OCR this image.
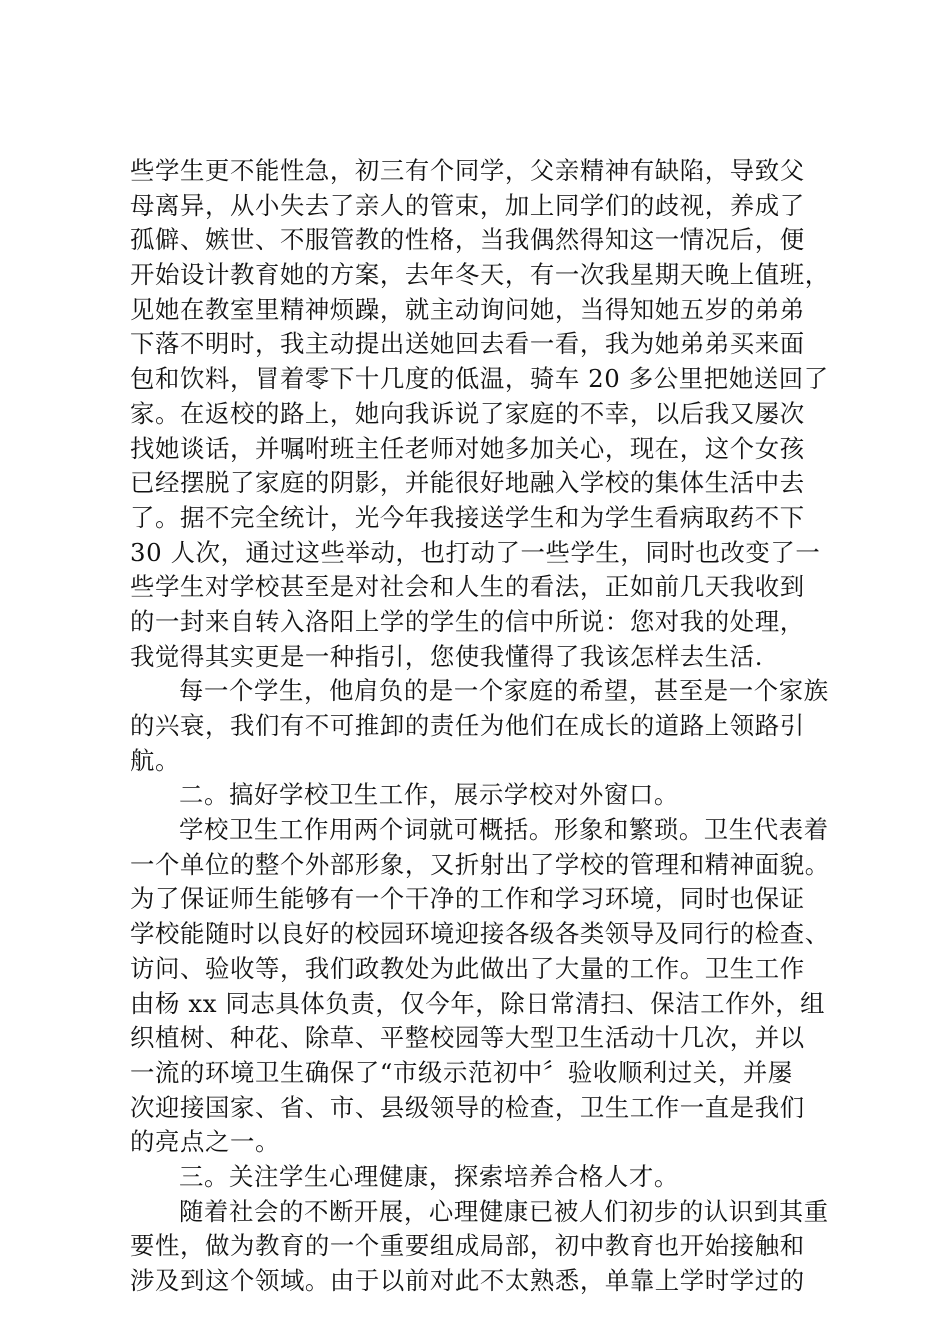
些学生更不能性急，初三有个同学，父亲精神有缺陷，导致父
母离异，从小失去了亲人的管束，加上同学们的歧视，养成了
孤僻、嫉世、不服管教的性格，当我偶然得知这一情况后，便
开始设计教育她的方案，去年冬天，有一次我星期天晚上值班，
见她在教室里精神烦躁，就主动询问她，当得知她五岁的弟弟
下落不明时，我主动提出送她回去看一看，我为她弟弟买来面
包和饮料，冒着零下十几度的低温，骑车 20 多公里把她送回了
家。在返校的路上，她向我诉说了家庭的不幸，以后我又屡次
找她谈话，并嘱咐班主任老师对她多加关心，现在，这个女孩
已经摆脱了家庭的阴影，并能很好地融入学校的集体生活中去
了。据不完全统计，光今年我接送学生和为学生看病取药不下
30 人次，通过这些举动，也打动了一些学生，同时也改变了一
些学生对学校甚至是对社会和人生的看法，正如前几天我收到
的一封来自转入洛阳上学的学生的信中所说：您对我的处理，
我觉得其实更是一种指引，您使我懂得了我该怎样去生活.
每一个学生，他肩负的是一个家庭的希望，甚至是一个家族
的兴衰，我们有不可推卸的责任为他们在成长的道路上领路引
航。
二。搞好学校卫生工作，展示学校对外窗口。
学校卫生工作用两个词就可概括。形象和繁琐。卫生代表着
一个单位的整个外部形象，又折射出了学校的管理和精神面貌。
为了保证师生能够有一个干净的工作和学习环境，同时也保证
学校能随时以良好的校园环境迎接各级各类领导及同行的检查、
访问、验收等，我们政教处为此做出了大量的工作。卫生工作
由杨 xx 同志具体负责，仅今年，除日常清扫、保洁工作外，组
织植树、种花、除草、平整校园等大型卫生活动十几次，并以
一流的环境卫生确保了“市级示范初中〞验收顺利过关，并屡
次迎接国家、省、市、县级领导的检查，卫生工作一直是我们
的亮点之一。
三。关注学生心理健康，探索培养合格人才。
随着社会的不断开展，心理健康已被人们初步的认识到其重
要性，做为教育的一个重要组成局部，初中教育也开始接触和
涉及到这个领域。由于以前对此不太熟悉，单靠上学时学过的
